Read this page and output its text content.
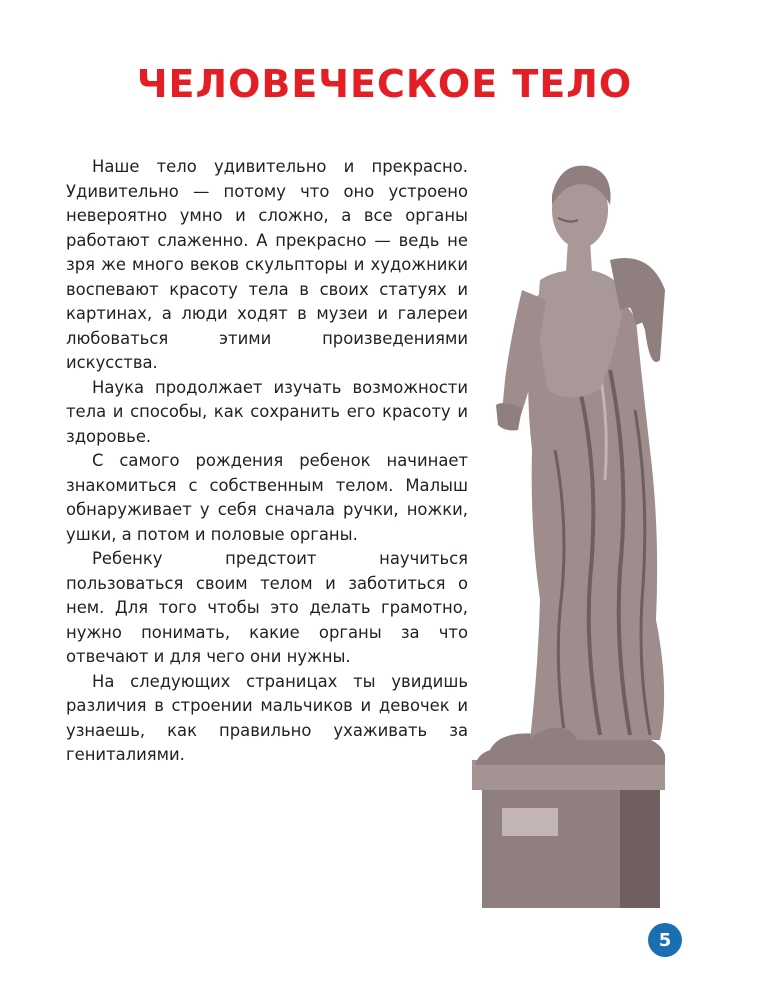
ЧЕЛОВЕЧЕСКОЕ ТЕЛО

Наше тело удивительно и прекрасно. Удивительно — потому что оно устроено невероятно умно и сложно, а все органы работают слаженно. А прекрасно — ведь не зря же много веков скульпторы и художники воспевают красоту тела в своих статуях и картинах, а люди ходят в музеи и галереи любоваться этими произведениями искусства.

Наука продолжает изучать возможности тела и способы, как сохранить его красоту и здоровье.

С самого рождения ребенок начинает знакомиться с собственным телом. Малыш обнаруживает у себя сначала ручки, ножки, ушки, а потом и половые органы.

Ребенку предстоит научиться пользоваться своим телом и заботиться о нем. Для того чтобы это делать грамотно, нужно понимать, какие органы за что отвечают и для чего они нужны.

На следующих страницах ты увидишь различия в строении мальчиков и девочек и узнаешь, как правильно ухаживать за гениталиями.

5
